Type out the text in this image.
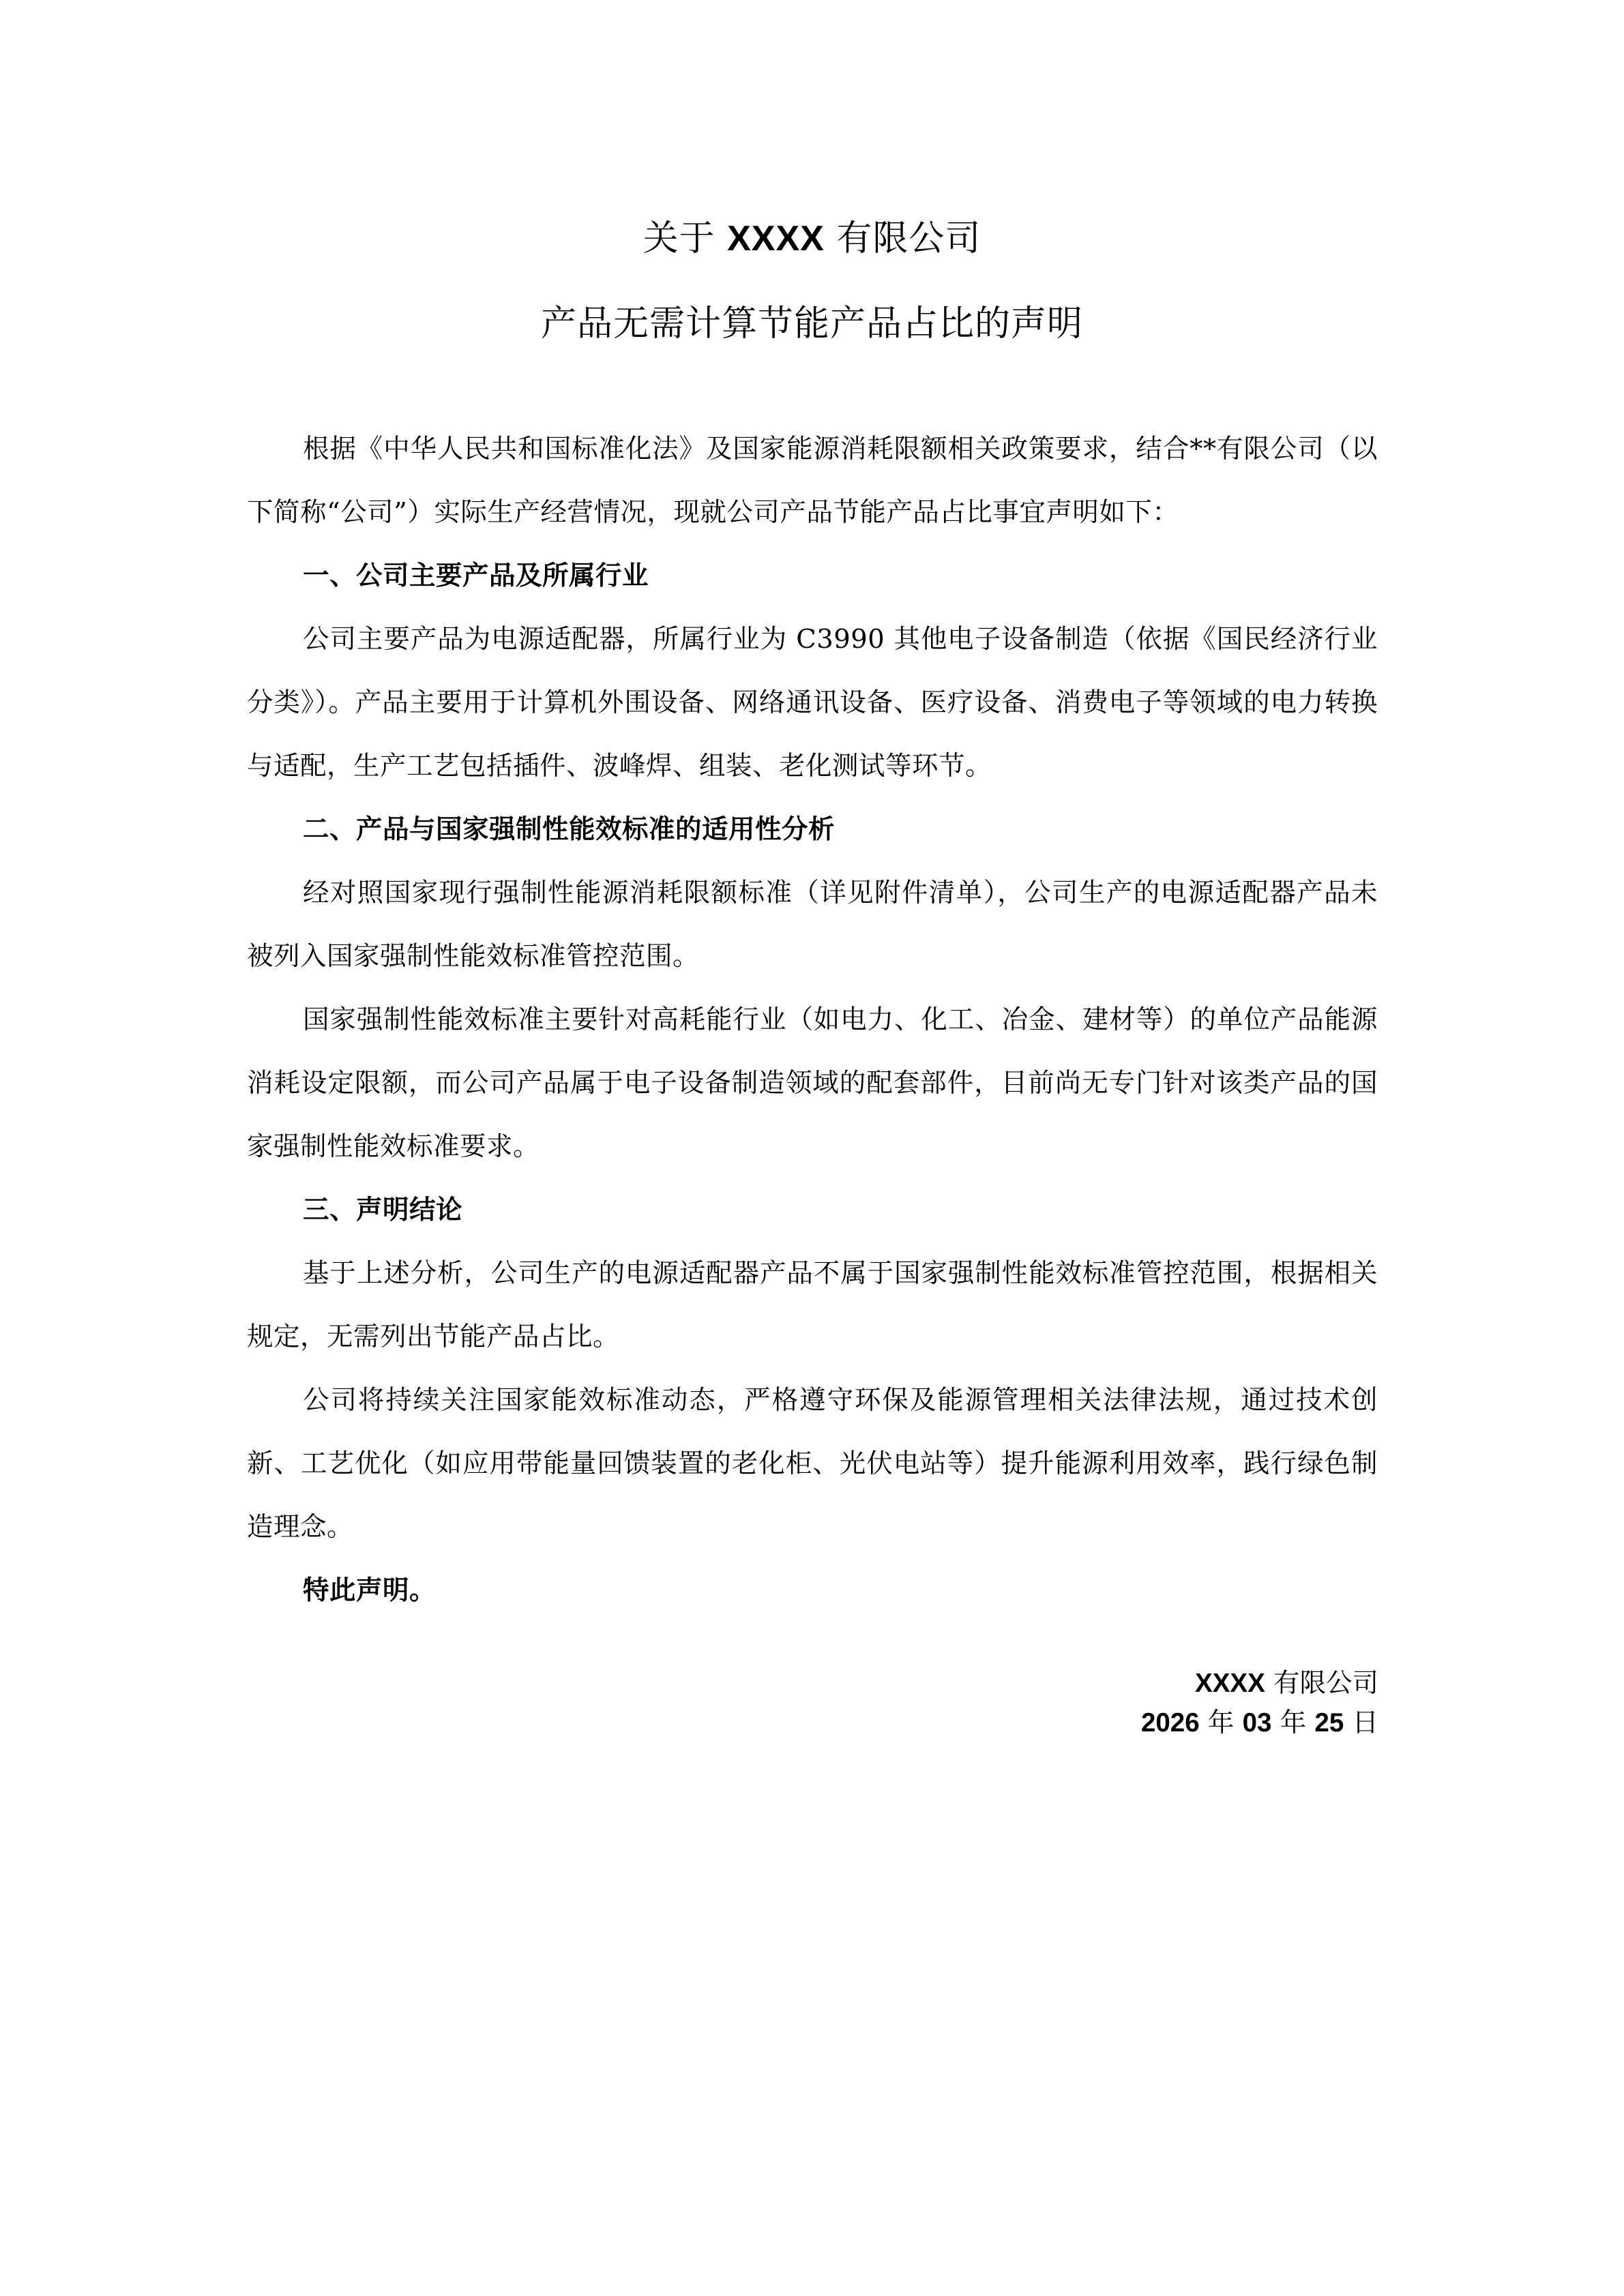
关于 XXXX 有限公司
产品无需计算节能产品占比的声明

根据《中华人民共和国标准化法》及国家能源消耗限额相关政策要求，结合**有限公司（以下简称“公司”）实际生产经营情况，现就公司产品节能产品占比事宜声明如下：

一、公司主要产品及所属行业

公司主要产品为电源适配器，所属行业为 C3990 其他电子设备制造（依据《国民经济行业分类》）。产品主要用于计算机外围设备、网络通讯设备、医疗设备、消费电子等领域的电力转换与适配，生产工艺包括插件、波峰焊、组装、老化测试等环节。

二、产品与国家强制性能效标准的适用性分析

经对照国家现行强制性能源消耗限额标准（详见附件清单），公司生产的电源适配器产品未被列入国家强制性能效标准管控范围。

国家强制性能效标准主要针对高耗能行业（如电力、化工、冶金、建材等）的单位产品能源消耗设定限额，而公司产品属于电子设备制造领域的配套部件，目前尚无专门针对该类产品的国家强制性能效标准要求。

三、声明结论

基于上述分析，公司生产的电源适配器产品不属于国家强制性能效标准管控范围，根据相关规定，无需列出节能产品占比。

公司将持续关注国家能效标准动态，严格遵守环保及能源管理相关法律法规，通过技术创新、工艺优化（如应用带能量回馈装置的老化柜、光伏电站等）提升能源利用效率，践行绿色制造理念。

特此声明。

XXXX 有限公司
2026 年 03 年 25 日
